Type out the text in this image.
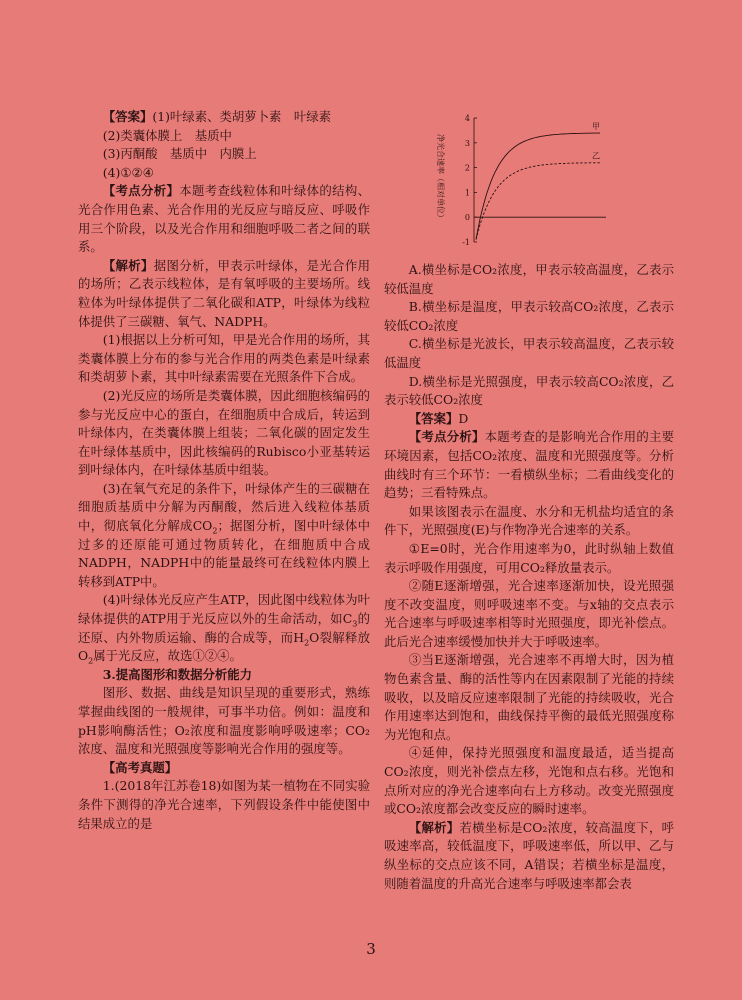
【答案】(1)叶绿素、类胡萝卜素　叶绿素

(2)类囊体膜上　基质中

(3)丙酮酸　基质中　内膜上

(4)①②④

【考点分析】本题考查线粒体和叶绿体的结构、光合作用色素、光合作用的光反应与暗反应、呼吸作用三个阶段，以及光合作用和细胞呼吸二者之间的联系。

【解析】据图分析，甲表示叶绿体，是光合作用的场所；乙表示线粒体，是有氧呼吸的主要场所。线粒体为叶绿体提供了二氧化碳和ATP，叶绿体为线粒体提供了三碳糖、氧气、NADPH。

(1)根据以上分析可知，甲是光合作用的场所，其类囊体膜上分布的参与光合作用的两类色素是叶绿素和类胡萝卜素，其中叶绿素需要在光照条件下合成。

(2)光反应的场所是类囊体膜，因此细胞核编码的参与光反应中心的蛋白，在细胞质中合成后，转运到叶绿体内，在类囊体膜上组装；二氧化碳的固定发生在叶绿体基质中，因此核编码的Rubisco小亚基转运到叶绿体内，在叶绿体基质中组装。

(3)在氧气充足的条件下，叶绿体产生的三碳糖在细胞质基质中分解为丙酮酸，然后进入线粒体基质中，彻底氧化分解成$CO_2$；据图分析，图中叶绿体中过多的还原能可通过物质转化，在细胞质中合成NADPH，NADPH中的能量最终可在线粒体内膜上转移到ATP中。

(4)叶绿体光反应产生ATP，因此图中线粒体为叶绿体提供的ATP用于光反应以外的生命活动，如$C_3$的还原、内外物质运输、酶的合成等，而$H_2O$裂解释放$O_2$属于光反应，故选①②④。

3.提高图形和数据分析能力

图形、数据、曲线是知识呈现的重要形式，熟练掌握曲线图的一般规律，可事半功倍。例如：温度和pH影响酶活性；O₂浓度和温度影响呼吸速率；CO₂浓度、温度和光照强度等影响光合作用的强度等。

【高考真题】

1.(2018年江苏卷18)如图为某一植物在不同实验条件下测得的净光合速率，下列假设条件中能使图中结果成立的是

净光合速率（相对单位）
4
3
2
1
0
-1
甲
乙

A.横坐标是CO₂浓度，甲表示较高温度，乙表示较低温度

B.横坐标是温度，甲表示较高CO₂浓度，乙表示较低CO₂浓度

C.横坐标是光波长，甲表示较高温度，乙表示较低温度

D.横坐标是光照强度，甲表示较高CO₂浓度，乙表示较低CO₂浓度

【答案】D

【考点分析】本题考查的是影响光合作用的主要环境因素，包括CO₂浓度、温度和光照强度等。分析曲线时有三个环节：一看横纵坐标；二看曲线变化的趋势；三看特殊点。

如果该图表示在温度、水分和无机盐均适宜的条件下，光照强度(E)与作物净光合速率的关系。

①E=0时，光合作用速率为0，此时纵轴上数值表示呼吸作用强度，可用CO₂释放量表示。

②随E逐渐增强，光合速率逐渐加快，设光照强度不改变温度，则呼吸速率不变。与x轴的交点表示光合速率与呼吸速率相等时光照强度，即光补偿点。此后光合速率缓慢加快并大于呼吸速率。

③当E逐渐增强，光合速率不再增大时，因为植物色素含量、酶的活性等内在因素限制了光能的持续吸收，以及暗反应速率限制了光能的持续吸收，光合作用速率达到饱和，曲线保持平衡的最低光照强度称为光饱和点。

④延伸，保持光照强度和温度最适，适当提高CO₂浓度，则光补偿点左移，光饱和点右移。光饱和点所对应的净光合速率向右上方移动。改变光照强度或CO₂浓度都会改变反应的瞬时速率。

【解析】若横坐标是CO₂浓度，较高温度下，呼吸速率高，较低温度下，呼吸速率低，所以甲、乙与纵坐标的交点应该不同，A错误；若横坐标是温度，则随着温度的升高光合速率与呼吸速率都会表

3
